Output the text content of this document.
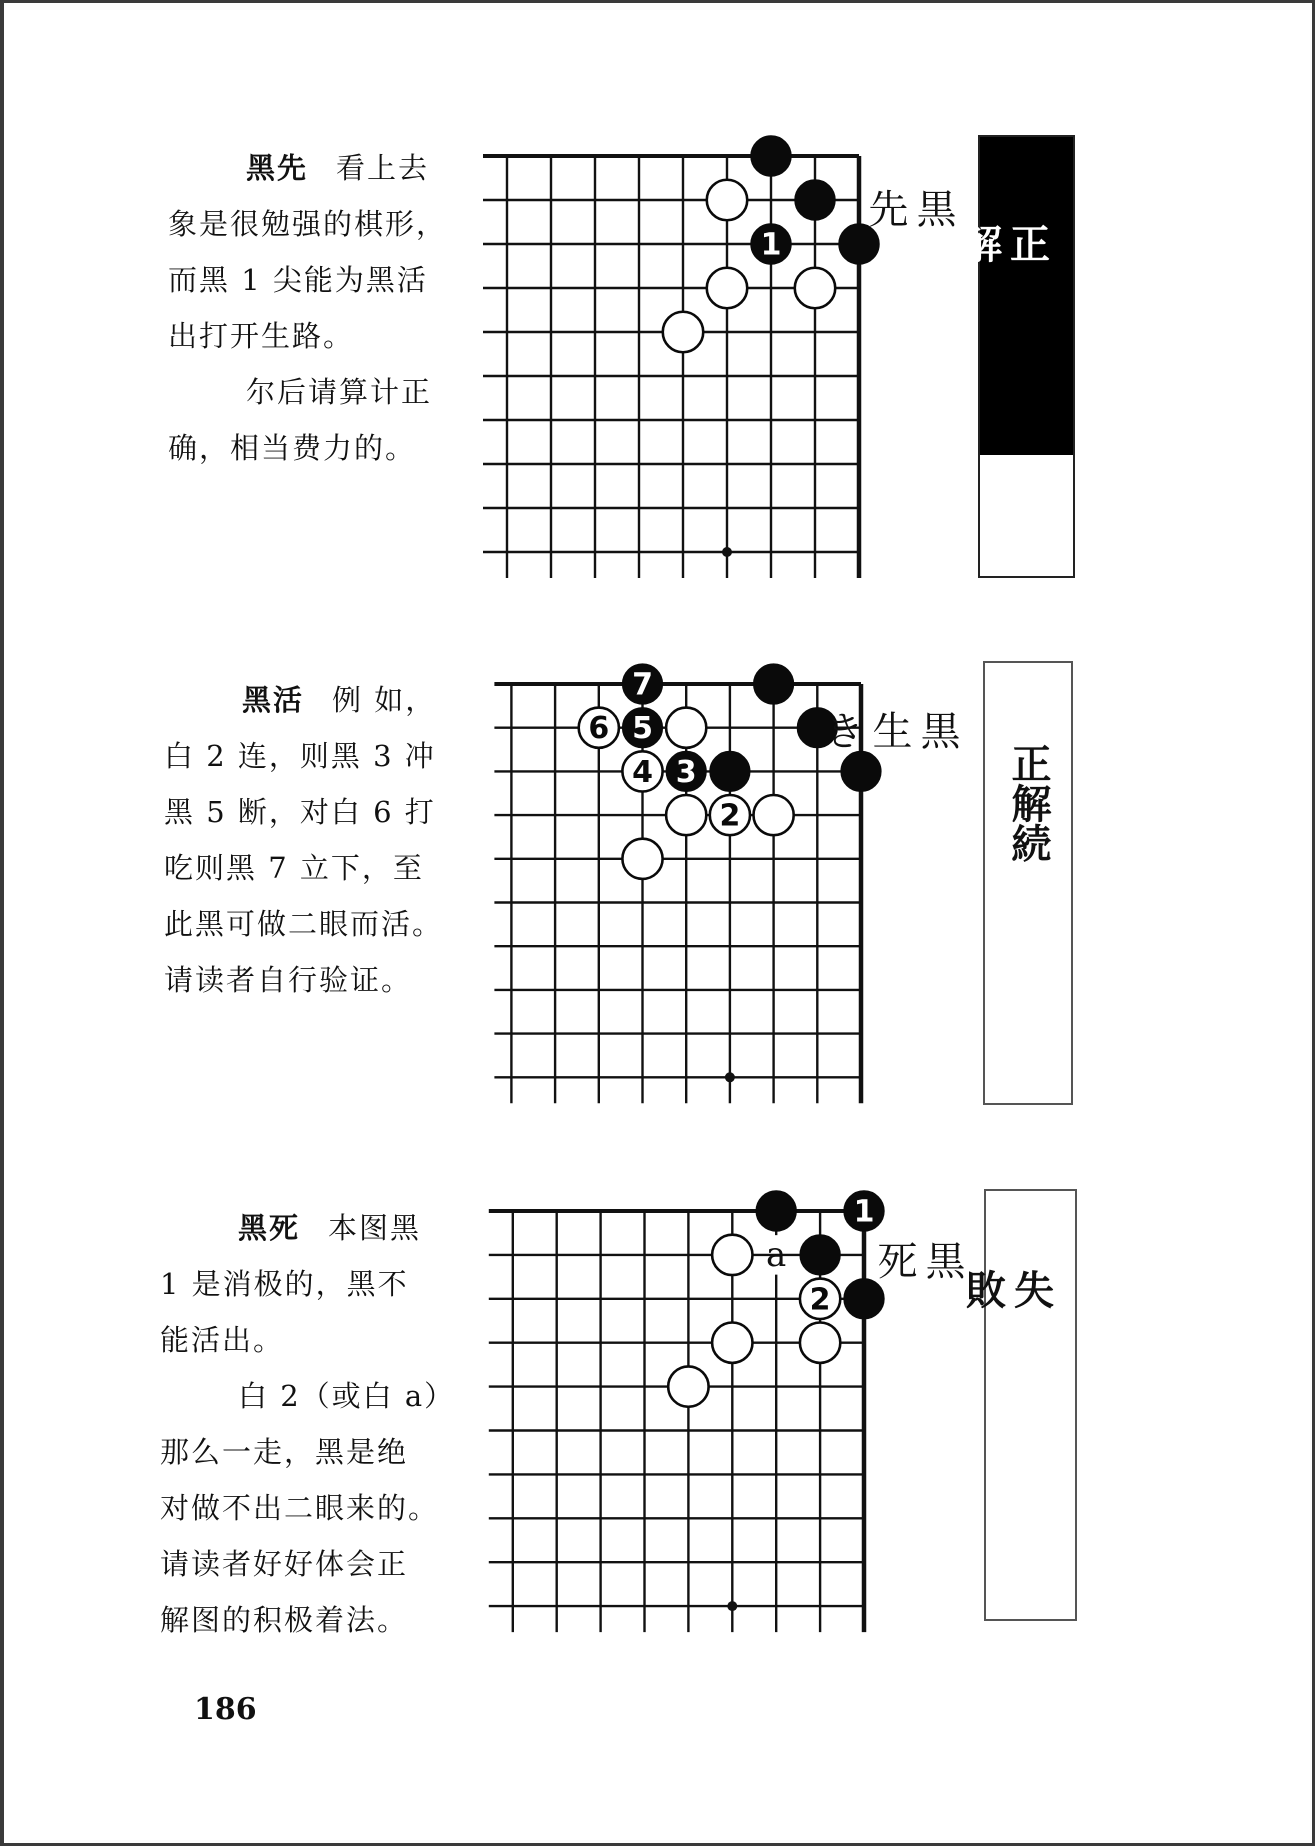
黑先 看上去
象是很勉强的棋形，
而黑 1 尖能为黑活
出打开生路。
尔后请算计正
确，相当费力的。
1
黒先
正解
黑活 例 如，
白 2 连，则黑 3 冲
黑 5 断，对白 6 打
吃则黑 7 立下，至
此黑可做二眼而活。
请读者自行验证。
7
6 5
4 3
2
黒生き
正解続
黑死 本图黑
1 是消极的，黑不
能活出。
白 2（或白 a）
那么一走，黑是绝
对做不出二眼来的。
请读者好好体会正
解图的积极着法。
a
1
2
黒死
失敗
186
